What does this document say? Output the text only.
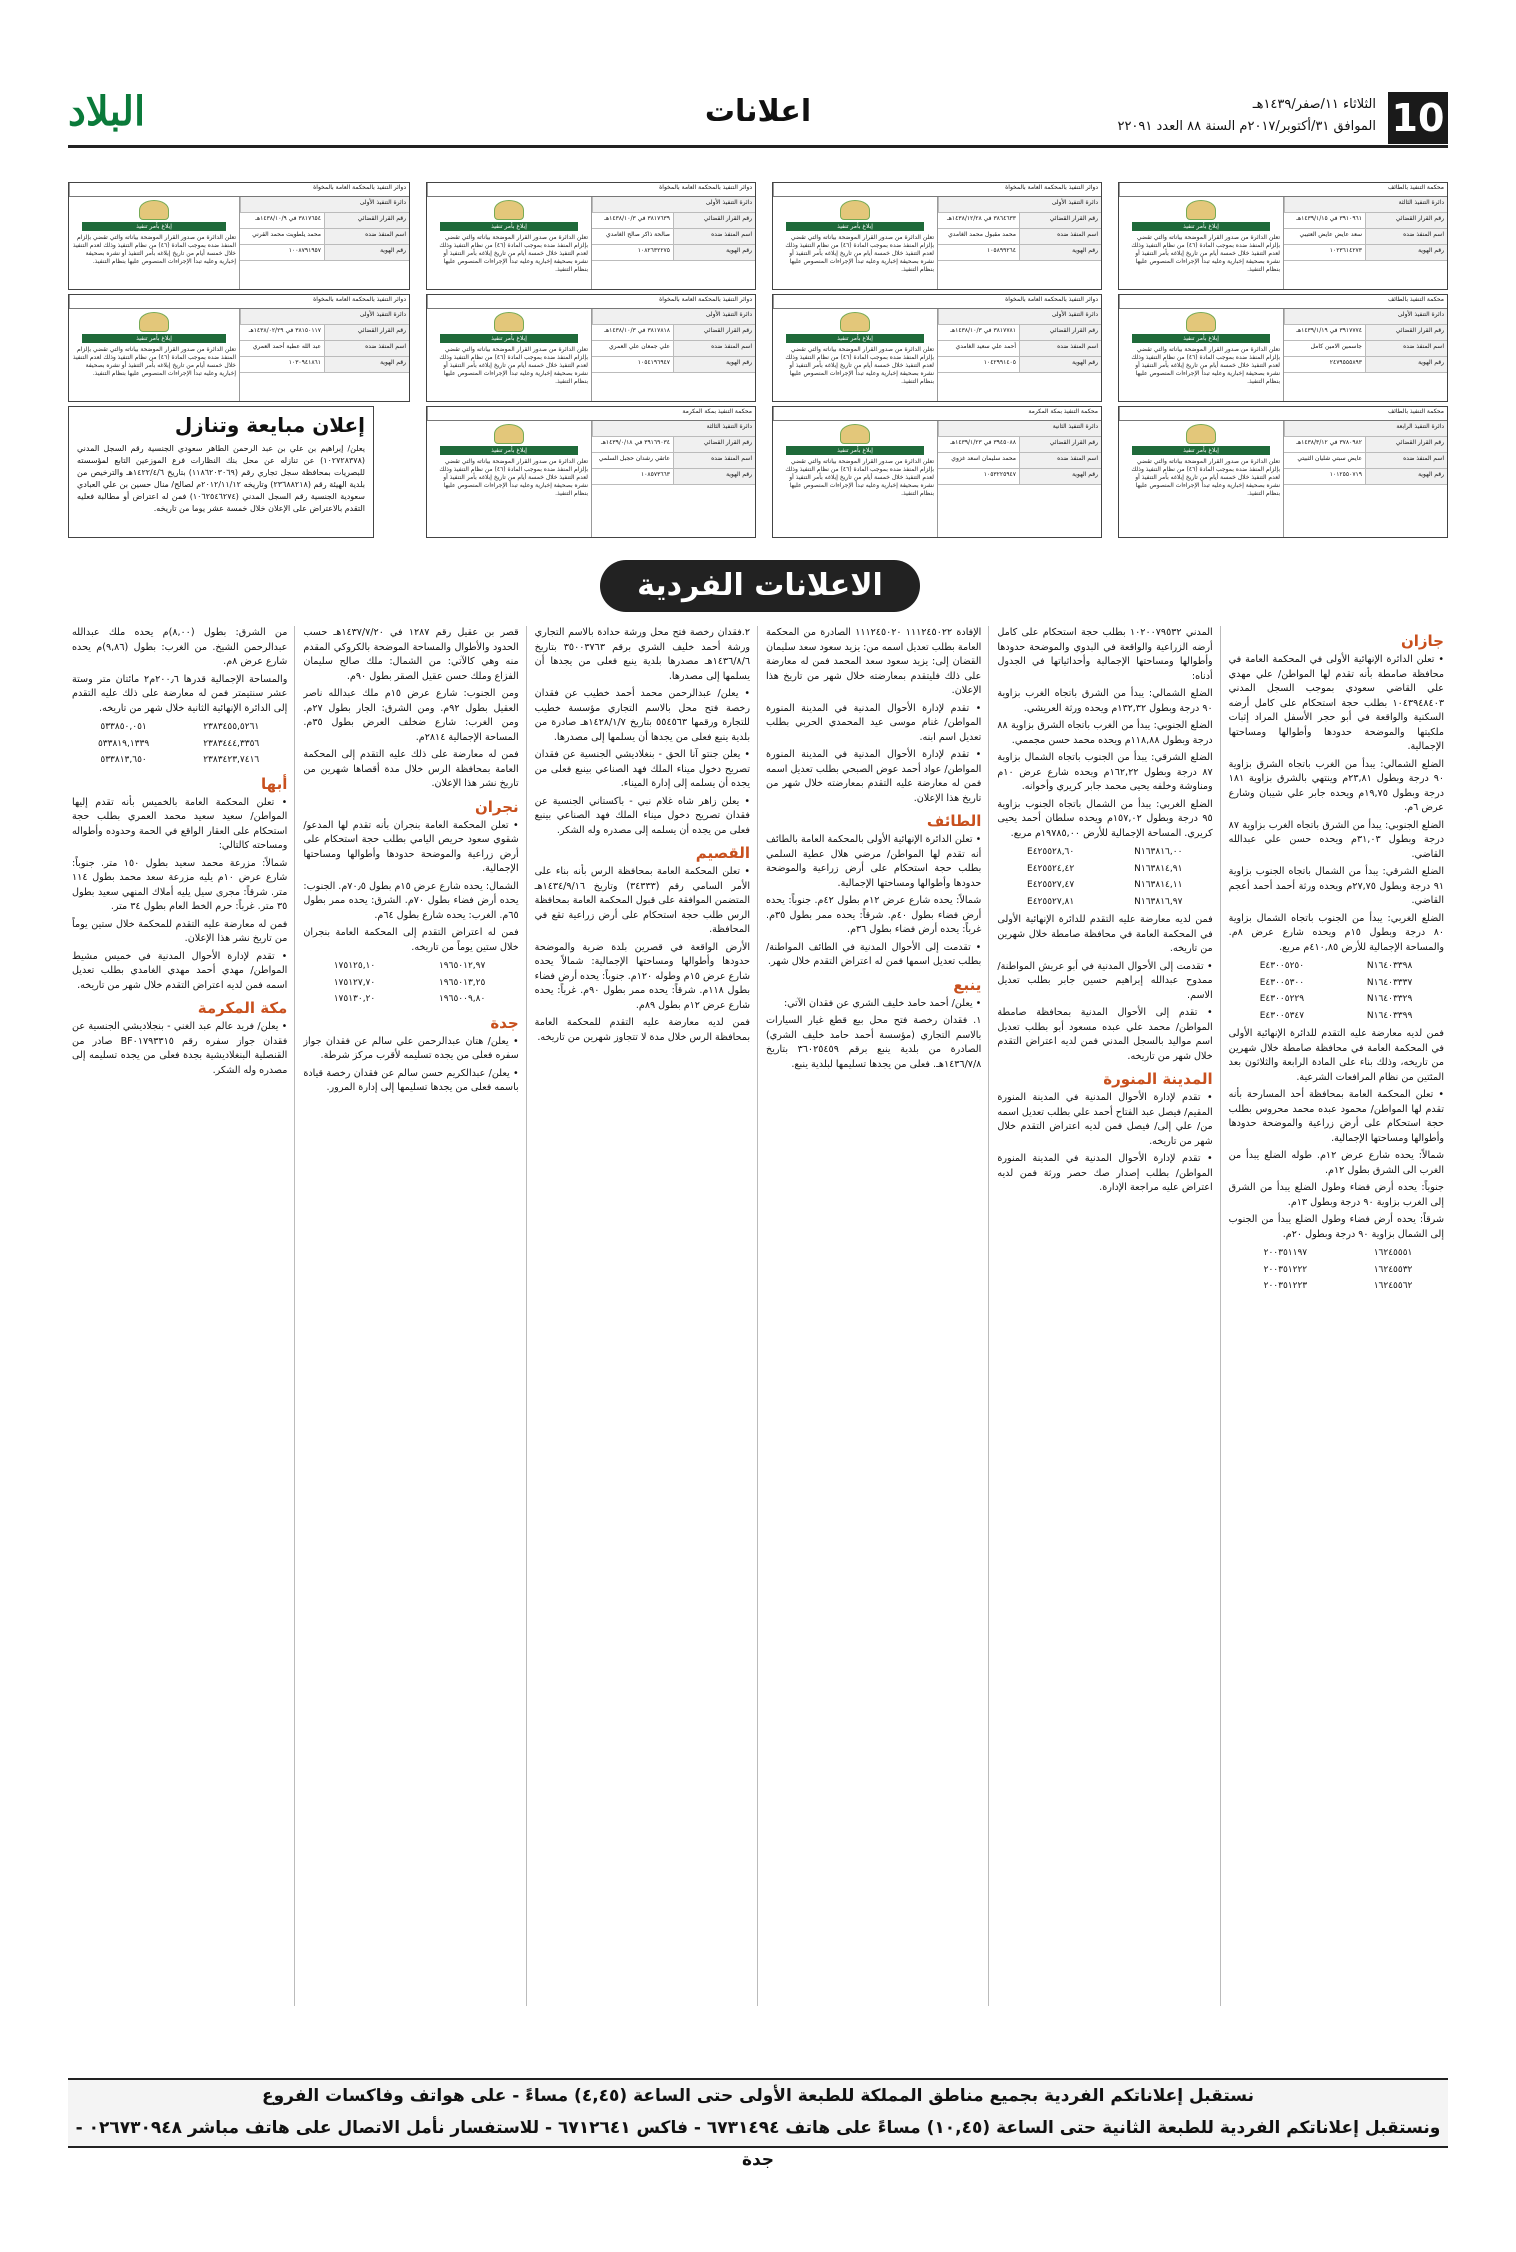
10
الثلاثاء ١١/صفر/١٤٣٩هـ
الموافق ٣١/أكتوبر/٢٠١٧م السنة ٨٨ العدد ٢٢٠٩١
اعلانات
البلاد
إعلان مبايعة وتنازل

يعلن/ إبراهيم بن علي بن عبد الرحمن الطاهر سعودي الجنسية رقم السجل المدني (١٠٢٧٢٨٣٧٨) عن تنازله عن محل بنك النظارات فرع الموزعين التابع لمؤسسته للبصريات بمحافظة سجل تجاري رقم (١١٨٦٢٠٣٠٦٩) بتاريخ ١٤٢٢/٤/٦هـ والترخيص من بلدية الهيئة رقم (٢٣٦٨٨٢١٨) وتاريخه ٢٠١٢/١١/١٢م لصالح/ منال حسين بن علي العبادي سعودية الجنسية رقم السجل المدني (١٠٦٢٥٤٦٢٧٤) فمن له اعتراض أو مطالبة فعليه التقدم بالاعتراض على الإعلان خلال خمسة عشر يوما من تاريخه.

محكمة التنفيذ بالطائف
دائرة التنفيذ الثالثة
رقم القرار القضائي
٣٩١٠٩٦١ في ١٤٣٩/١/١٥هـ
اسم المنفذ ضده
سعد عايض عايض العتيبي
رقم الهوية
١٠٢٣٦١٤٢٧٣
إبلاغ بأمر تنفيذ
تعلن الدائرة من صدور القرار الموضحة بياناته والتي تقضي بإلزام المنفذ ضده بموجب المادة (٤٦) من نظام التنفيذ وذلك لعدم التنفيذ خلال خمسة أيام من تاريخ إبلاغه بأمر التنفيذ أو نشره بصحيفة إخبارية وعليه تبدأ الإجراءات المنصوص عليها بنظام التنفيذ.
دوائر التنفيذ بالمحكمة العامة بالمخواة
دائرة التنفيذ الأولى
رقم القرار القضائي
٣٨٦٤٦٣٣ في ١٤٣٨/١٢/٢٨هـ
اسم المنفذ ضده
محمد مقبول محمد الغامدي
رقم الهوية
١٠٥٨٩٩٢٦٤
إبلاغ بأمر تنفيذ
تعلن الدائرة من صدور القرار الموضحة بياناته والتي تقضي بإلزام المنفذ ضده بموجب المادة (٤٦) من نظام التنفيذ وذلك لعدم التنفيذ خلال خمسة أيام من تاريخ إبلاغه بأمر التنفيذ أو نشره بصحيفة إخبارية وعليه تبدأ الإجراءات المنصوص عليها بنظام التنفيذ.
دوائر التنفيذ بالمحكمة العامة بالمخواة
دائرة التنفيذ الأولى
رقم القرار القضائي
٣٨١٧٦٣٩ في ١٤٣٨/١٠/٣هـ
اسم المنفذ ضده
صالحة ذاكر صالح الغامدي
رقم الهوية
١٠٨٢٦٣٢٢٧٥
إبلاغ بأمر تنفيذ
تعلن الدائرة من صدور القرار الموضحة بياناته والتي تقضي بإلزام المنفذ ضده بموجب المادة (٤٦) من نظام التنفيذ وذلك لعدم التنفيذ خلال خمسة أيام من تاريخ إبلاغه بأمر التنفيذ أو نشره بصحيفة إخبارية وعليه تبدأ الإجراءات المنصوص عليها بنظام التنفيذ.
دوائر التنفيذ بالمحكمة العامة بالمخواة
دائرة التنفيذ الأولى
رقم القرار القضائي
٣٨١٧٦٥٤ في ١٤٣٨/١٠/٩هـ
اسم المنفذ ضده
محمد يلطويت محمد القرني
رقم الهوية
١٠٠٨٧٩١٩٥٧
إبلاغ بأمر تنفيذ
تعلن الدائرة من صدور القرار الموضحة بياناته والتي تقضي بإلزام المنفذ ضده بموجب المادة (٤٦) من نظام التنفيذ وذلك لعدم التنفيذ خلال خمسة أيام من تاريخ إبلاغه بأمر التنفيذ أو نشره بصحيفة إخبارية وعليه تبدأ الإجراءات المنصوص عليها بنظام التنفيذ.
محكمة التنفيذ بالطائف
دائرة التنفيذ الأولى
رقم القرار القضائي
٣٩١٧٧٧٤ في ١٤٣٩/١/١٩هـ
اسم المنفذ ضده
جاسمين الامين كامل
رقم الهوية
٢٤٧٩٥٥٥٨٩٣
إبلاغ بأمر تنفيذ
تعلن الدائرة من صدور القرار الموضحة بياناته والتي تقضي بإلزام المنفذ ضده بموجب المادة (٤٦) من نظام التنفيذ وذلك لعدم التنفيذ خلال خمسة أيام من تاريخ إبلاغه بأمر التنفيذ أو نشره بصحيفة إخبارية وعليه تبدأ الإجراءات المنصوص عليها بنظام التنفيذ.
دوائر التنفيذ بالمحكمة العامة بالمخواة
دائرة التنفيذ الأولى
رقم القرار القضائي
٣٨١٧٧٨١ في ١٤٣٨/١٠/٣هـ
اسم المنفذ ضده
أحمد علي سعيد الغامدي
رقم الهوية
١٠٤٢٩٩١٤٠٥
إبلاغ بأمر تنفيذ
تعلن الدائرة من صدور القرار الموضحة بياناته والتي تقضي بإلزام المنفذ ضده بموجب المادة (٤٦) من نظام التنفيذ وذلك لعدم التنفيذ خلال خمسة أيام من تاريخ إبلاغه بأمر التنفيذ أو نشره بصحيفة إخبارية وعليه تبدأ الإجراءات المنصوص عليها بنظام التنفيذ.
دوائر التنفيذ بالمحكمة العامة بالمخواة
دائرة التنفيذ الأولى
رقم القرار القضائي
٣٨١٧٨١٨ في ١٤٣٨/١٠/٣هـ
اسم المنفذ ضده
علي جمعان علي العمري
رقم الهوية
١٠٥٤١٩٦٩٤٧
إبلاغ بأمر تنفيذ
تعلن الدائرة من صدور القرار الموضحة بياناته والتي تقضي بإلزام المنفذ ضده بموجب المادة (٤٦) من نظام التنفيذ وذلك لعدم التنفيذ خلال خمسة أيام من تاريخ إبلاغه بأمر التنفيذ أو نشره بصحيفة إخبارية وعليه تبدأ الإجراءات المنصوص عليها بنظام التنفيذ.
دوائر التنفيذ بالمحكمة العامة بالمخواة
دائرة التنفيذ الأولى
رقم القرار القضائي
٣٨١٥٠١١٧ في ١٤٣٨/٠٢/٢٩هـ
اسم المنفذ ضده
عبد الله عطية أحمد العمري
رقم الهوية
١٠٣٠٩٤١٨٦١
إبلاغ بأمر تنفيذ
تعلن الدائرة من صدور القرار الموضحة بياناته والتي تقضي بإلزام المنفذ ضده بموجب المادة (٤٦) من نظام التنفيذ وذلك لعدم التنفيذ خلال خمسة أيام من تاريخ إبلاغه بأمر التنفيذ أو نشره بصحيفة إخبارية وعليه تبدأ الإجراءات المنصوص عليها بنظام التنفيذ.
محكمة التنفيذ بالطائف
دائرة التنفيذ الرابعة
رقم القرار القضائي
٣٧٨٠٩٨٢ في ١٤٣٨/٣/١٢هـ
اسم المنفذ ضده
عايض سبتي شليان الثبيتي
رقم الهوية
١٠١٢٥٥٠٧١٩
إبلاغ بأمر تنفيذ
تعلن الدائرة من صدور القرار الموضحة بياناته والتي تقضي بإلزام المنفذ ضده بموجب المادة (٤٦) من نظام التنفيذ وذلك لعدم التنفيذ خلال خمسة أيام من تاريخ إبلاغه بأمر التنفيذ أو نشره بصحيفة إخبارية وعليه تبدأ الإجراءات المنصوص عليها بنظام التنفيذ.
محكمة التنفيذ بمكة المكرمة
دائرة التنفيذ الثانية
رقم القرار القضائي
٣٩٤٥٠٨٨ في ١٤٣٩/١/٢٣هـ
اسم المنفذ ضده
محمد سليمان اسعد غزوي
رقم الهوية
١٠٥٣٢٢٥٩٤٧
إبلاغ بأمر تنفيذ
تعلن الدائرة من صدور القرار الموضحة بياناته والتي تقضي بإلزام المنفذ ضده بموجب المادة (٤٦) من نظام التنفيذ وذلك لعدم التنفيذ خلال خمسة أيام من تاريخ إبلاغه بأمر التنفيذ أو نشره بصحيفة إخبارية وعليه تبدأ الإجراءات المنصوص عليها بنظام التنفيذ.
محكمة التنفيذ بمكة المكرمة
دائرة التنفيذ الثالثة
رقم القرار القضائي
٣٩١٦٩٠٣٤ في ١٤٣٩/٠/١٨هـ
اسم المنفذ ضده
عاتقي رشدان حجبل السلمي
رقم الهوية
١٠٨٥٧٣٦٦٣
إبلاغ بأمر تنفيذ
تعلن الدائرة من صدور القرار الموضحة بياناته والتي تقضي بإلزام المنفذ ضده بموجب المادة (٤٦) من نظام التنفيذ وذلك لعدم التنفيذ خلال خمسة أيام من تاريخ إبلاغه بأمر التنفيذ أو نشره بصحيفة إخبارية وعليه تبدأ الإجراءات المنصوص عليها بنظام التنفيذ.
الاعلانات الفردية
جازان

• تعلن الدائرة الإنهائية الأولى في المحكمة العامة في محافظة صامطة بأنه تقدم لها المواطن/ علي مهدي علي القاضي سعودي بموجب السجل المدني ١٠٤٣٩٤٨٤٠٣ بطلب حجة استحكام على كامل أرضه السكنية والواقعة في أبو حجر الأسفل المراد إثبات ملكيتها والموضحة حدودها وأطوالها ومساحتها الإجمالية.

الضلع الشمالي: يبدأ من الغرب باتجاه الشرق بزاوية ٩٠ درجة وبطول ٢٣,٨١م وينتهي بالشرق بزاوية ١٨١ درجة وبطول ١٩,٧٥م ويحده جابر علي شيبان وشارع عرض ٦م.

الضلع الجنوبي: يبدأ من الشرق باتجاه الغرب بزاوية ٨٧ درجة وبطول ٣١,٠٣م ويحده حسن علي عبدالله القاضي.

الضلع الشرقي: يبدأ من الشمال باتجاه الجنوب بزاوية ٩١ درجة وبطول ٢٧,٧٥م ويحده ورثة أحمد أحمد أعجم القاضي.

الضلع الغربي: يبدأ من الجنوب باتجاه الشمال بزاوية ٨٠ درجة وبطول ١٥م ويحده شارع عرض ٨م. والمساحة الإجمالية للأرض ٤١٠,٨٥م مربع.

E٤٣٠٠٥٢٥٠	N١٦٤٠٣٣٩٨
E٤٣٠٠٥٣٠٠	N١٦٤٠٣٣٣٧
E٤٣٠٠٥٢٢٩	N١٦٤٠٣٣٢٩
E٤٣٠٠٥٣٤٧	N١٦٤٠٣٣٩٩

فمن لديه معارضة عليه التقدم للدائرة الإنهائية الأولى في المحكمة العامة في محافظة صامطة خلال شهرين من تاريخه، وذلك بناء على المادة الرابعة والثلاثون بعد المئتين من نظام المرافعات الشرعية.

• تعلن المحكمة العامة بمحافظة أحد المسارحة بأنه تقدم لها المواطن/ محمود عبده محمد محروس بطلب حجة استحكام على أرض زراعية والموضحة حدودها وأطوالها ومساحتها الإجمالية.

شمالاً: يحده شارع عرض ١٢م. طوله الضلع يبدأ من الغرب الى الشرق بطول ١٢م.

جنوباً: يحده أرض فضاء وطول الضلع يبدأ من الشرق إلى الغرب بزاوية ٩٠ درجة وبطول ١٣م.

شرقاً: يحده أرض فضاء وطول الضلع يبدأ من الجنوب إلى الشمال بزاوية ٩٠ درجة وبطول ٢٠م.

٢٠٠٣٥١١٩٧	١٦٢٤٥٥٥١
٢٠٠٣٥١٢٢٢	١٦٢٤٥٥٣٢
٢٠٠٣٥١٢٢٣	١٦٢٤٥٥٦٢

المدني ١٠٢٠٠٧٩٥٣٢ بطلب حجة استحكام على كامل أرضه الزراعية والواقعة في البدوي والموضحة حدودها وأطوالها ومساحتها الإجمالية وأحداثياتها في الجدول أدناه:

الضلع الشمالي: يبدأ من الشرق باتجاه الغرب بزاوية ٩٠ درجة وبطول ١٣٢,٣٢م ويحده ورثة العريشي.

الضلع الجنوبي: يبدأ من الغرب باتجاه الشرق بزاوية ٨٨ درجة وبطول ١١٨,٨٨م ويحده محمد حسن مجممي.

الضلع الشرقي: يبدأ من الجنوب باتجاه الشمال بزاوية ٨٧ درجة وبطول ١٦٢,٢٢م ويحده شارع عرض ١٠م ومناوشة وخلفه يحيى محمد جابر كريري وأخوانه.

الضلع الغربي: يبدأ من الشمال باتجاه الجنوب بزاوية ٩٥ درجة وبطول ١٥٧,٠٢م ويحده سلطان أحمد يحيى كريري. المساحة الإجمالية للأرض ١٩٧٨٥,٠٠م مربع.

E٤٢٥٥٢٨,٦٠	N١٦٣٨١٦,٠٠
E٤٢٥٥٢٤,٤٢	N١٦٣٨١٤,٩١
E٤٢٥٥٢٧,٤٧	N١٦٣٨١٤,١١
E٤٢٥٥٢٧,٨١	N١٦٣٨١٦,٩٧

فمن لديه معارضة عليه التقدم للدائرة الإنهائية الأولى في المحكمة العامة في محافظة صامطة خلال شهرين من تاريخه.

• تقدمت إلى الأحوال المدنية في أبو عريش المواطنة/ ممدوح عبدالله إبراهيم حسين جابر بطلب تعديل الاسم.

• تقدم إلى الأحوال المدنية بمحافظة صامطة المواطن/ محمد علي عبده مسعود أبو بطلب تعديل اسم مواليد بالسجل المدني فمن لديه اعتراض التقدم خلال شهر من تاريخه.

المدينة المنورة

• تقدم لإدارة الأحوال المدنية في المدينة المنورة المقيم/ فيصل عبد الفتاح أحمد علي بطلب تعديل اسمه من/ علي إلى/ فيصل فمن لديه اعتراض التقدم خلال شهر من تاريخه.

• تقدم لإدارة الأحوال المدنية في المدينة المنورة المواطن/ بطلب إصدار صك حصر ورثة فمن لديه اعتراض عليه مراجعة الإدارة.

الإفادة ١١١٢٤٥٠٢٢ ١١١٢٤٥٠٢٠ الصادرة من المحكمة العامة بطلب تعديل اسمه من: يزيد سعود سعد سليمان القضان إلى: يزيد سعود سعد المحمد فمن له معارضة على ذلك فليتقدم بمعارضته خلال شهر من تاريخ هذا الإعلان.

• تقدم لإدارة الأحوال المدنية في المدينة المنورة المواطن/ غنام موسى عيد المحمدي الحربي بطلب تعديل اسم ابنه.

• تقدم لإدارة الأحوال المدنية في المدينة المنورة المواطن/ عواد أحمد عوض الصبحي بطلب تعديل اسمه فمن له معارضة عليه التقدم بمعارضته خلال شهر من تاريخ هذا الإعلان.

الطائف

• تعلن الدائرة الإنهائية الأولى بالمحكمة العامة بالطائف أنه تقدم لها المواطن/ مرضي هلال عطية السلمي بطلب حجة استحكام على أرض زراعية والموضحة حدودها وأطوالها ومساحتها الإجمالية.

شمالاً: يحده شارع عرض ١٢م بطول ٤٢م. جنوباً: يحده أرض فضاء بطول ٤٠م. شرقاً: يحده ممر بطول ٣٥م. غرباً: يحده أرض فضاء بطول ٣٦م.

• تقدمت إلى الأحوال المدنية في الطائف المواطنة/ بطلب تعديل اسمها فمن له اعتراض التقدم خلال شهر.

ينبع

• يعلن/ أحمد حامد خليف الشري عن فقدان الآتي:

١. فقدان رخصة فتح محل بيع قطع غيار السيارات بالاسم التجاري (مؤسسة أحمد حامد خليف الشري) الصادرة من بلدية ينبع برقم ٣٦٠٢٥٤٥٩ بتاريخ ١٤٣٦/٧/٨هـ. فعلى من يجدها تسليمها لبلدية ينبع.

٢.فقدان رخصة فتح محل ورشة حدادة بالاسم التجاري ورشة أحمد خليف الشري برقم ٣٥٠٠٣٧٦٣ بتاريخ ١٤٣٦/٨/٦هـ مصدرها بلدية ينبع فعلى من يجدها أن يسلمها إلى مصدرها.

• يعلن/ عبدالرحمن محمد أحمد خطيب عن فقدان رخصة فتح محل بالاسم التجاري مؤسسة خطيب للتجارة ورقمها ٥٥٤٥٦٣ بتاريخ ١٤٢٨/١/٧هـ صادرة من بلدية ينبع فعلى من يجدها أن يسلمها إلى مصدرها.

• يعلن جنتو آنا الحق - بنغلاديشي الجنسية عن فقدان تصريح دخول ميناء الملك فهد الصناعي بينبع فعلى من يجده أن يسلمه إلى إدارة الميناء.

• يعلن زاهر شاه غلام نبي - باكستاني الجنسية عن فقدان تصريح دخول ميناء الملك فهد الصناعي بينبع فعلى من يجده أن يسلمه إلى مصدره وله الشكر.

القصيم

• تعلن المحكمة العامة بمحافظة الرس بأنه بناء على الأمر السامي رقم (٣٤٣٣٣) وتاريخ ١٤٣٤/٩/١٦هـ المتضمن الموافقة على قبول المحكمة العامة بمحافظة الرس طلب حجة استحكام على أرض زراعية تقع في المحافظة.

الأرض الواقعة في قصرين بلدة ضرية والموضحة حدودها وأطوالها ومساحتها الإجمالية: شمالاً يحده شارع عرض ١٥م وطوله ١٢٠م. جنوباً: يحده أرض فضاء بطول ١١٨م. شرقاً: يحده ممر بطول ٩٠م. غرباً: يحده شارع عرض ١٢م بطول ٨٩م.

فمن لديه معارضة عليه التقدم للمحكمة العامة بمحافظة الرس خلال مدة لا تتجاوز شهرين من تاريخه.

قصر بن عقيل رقم ١٢٨٧ في ١٤٣٧/٧/٢٠هـ حسب الحدود والأطوال والمساحة الموضحة بالكروكي المقدم منه وهي كالآتي: من الشمال: ملك صالح سليمان الفزاع وملك حسن عقيل الصقر بطول ٩٠م.

ومن الجنوب: شارع عرض ١٥م ملك عبدالله ناصر العقيل بطول ٩٢م. ومن الشرق: الجار بطول ٢٧م. ومن الغرب: شارع ضخلف العرض بطول ٣٥م. المساحة الإجمالية ٢٨١٤م.

فمن له معارضة على ذلك عليه التقدم إلى المحكمة العامة بمحافظة الرس خلال مدة أقصاها شهرين من تاريخ نشر هذا الإعلان.

نجران

• تعلن المحكمة العامة بنجران بأنه تقدم لها المدعو/ شقوي سعود حريص اليامي بطلب حجة استحكام على أرض زراعية والموضحة حدودها وأطوالها ومساحتها الإجمالية.

الشمال: يحده شارع عرض ١٥م بطول ٧٠٫٥م. الجنوب: يحده أرض فضاء بطول ٧٠م. الشرق: يحده ممر بطول ٦٥م. الغرب: يحده شارع بطول ٦٤م.

فمن له اعتراض التقدم إلى المحكمة العامة بنجران خلال ستين يوماً من تاريخه.

١٧٥١٢٥,١٠	١٩٦٥٠١٢,٩٧
١٧٥١٢٧,٧٠	١٩٦٥٠١٣,٢٥
١٧٥١٣٠,٢٠	١٩٦٥٠٠٩,٨٠
جدة

• يعلن/ هتان عبدالرحمن علي سالم عن فقدان جواز سفره فعلى من يجده تسليمه لأقرب مركز شرطة.

• يعلن/ عبدالكريم حسن سالم عن فقدان رخصة قيادة باسمه فعلى من يجدها تسليمها إلى إدارة المرور.

من الشرق: بطول (٨,٠٠)م يحده ملك عبدالله عبدالرحمن الشيخ. من الغرب: بطول (٩,٨٦)م يحده شارع عرض ٨م.

والمساحة الإجمالية قدرها ٢٠٠٫٦م٢ مائتان متر وستة عشر سنتيمتر فمن له معارضة على ذلك عليه التقدم إلى الدائرة الإنهائية الثانية خلال شهر من تاريخه.

٥٣٣٨٥٠,٠٥١	٢٣٨٣٤٥٥,٥٢٦١
٥٣٣٨١٩,١٣٣٩	٢٣٨٣٤٤٤,٣٣٥٦
٥٣٣٨١٣,٦٥٠	٢٣٨٣٤٢٣,٧٤١٦
أبها

• تعلن المحكمة العامة بالخميس بأنه تقدم إليها المواطن/ سعيد سعيد محمد العمري بطلب حجة استحكام على العقار الواقع في الحمة وحدوده وأطواله ومساحته كالتالي:

شمالاً: مزرعة محمد سعيد بطول ١٥٠ متر. جنوباً: شارع عرض ١٠م يليه مزرعة سعد محمد بطول ١١٤ متر. شرقاً: مجرى سيل يليه أملاك المنهي سعيد بطول ٣٥ متر. غرباً: حرم الخط العام بطول ٣٤ متر.

فمن له معارضة عليه التقدم للمحكمة خلال ستين يوماً من تاريخ نشر هذا الإعلان.

• تقدم لإدارة الأحوال المدنية في خميس مشيط المواطن/ مهدي أحمد مهدي الغامدي بطلب تعديل اسمه فمن لديه اعتراض التقدم خلال شهر من تاريخه.

مكة المكرمة

• يعلن/ فريد عالم عبد الغني - بنجلاديشي الجنسية عن فقدان جواز سفره رقم BF٠١٧٩٣٣١٥ صادر من القنصلية البنغلاديشية بجدة فعلى من يجده تسليمه إلى مصدره وله الشكر.

نستقبل إعلاناتكم الفردية بجميع مناطق المملكة للطبعة الأولى حتى الساعة (٤,٤٥) مساءً - على هواتف وفاكسات الفروع
ونستقبل إعلاناتكم الفردية للطبعة الثانية حتى الساعة (١٠,٤٥) مساءً على هاتف ٦٧٣١٤٩٤ - فاكس ٦٧١٢٦٤١ - للاستفسار نأمل الاتصال على هاتف مباشر ٠٢٦٧٣٠٩٤٨ - جدة
